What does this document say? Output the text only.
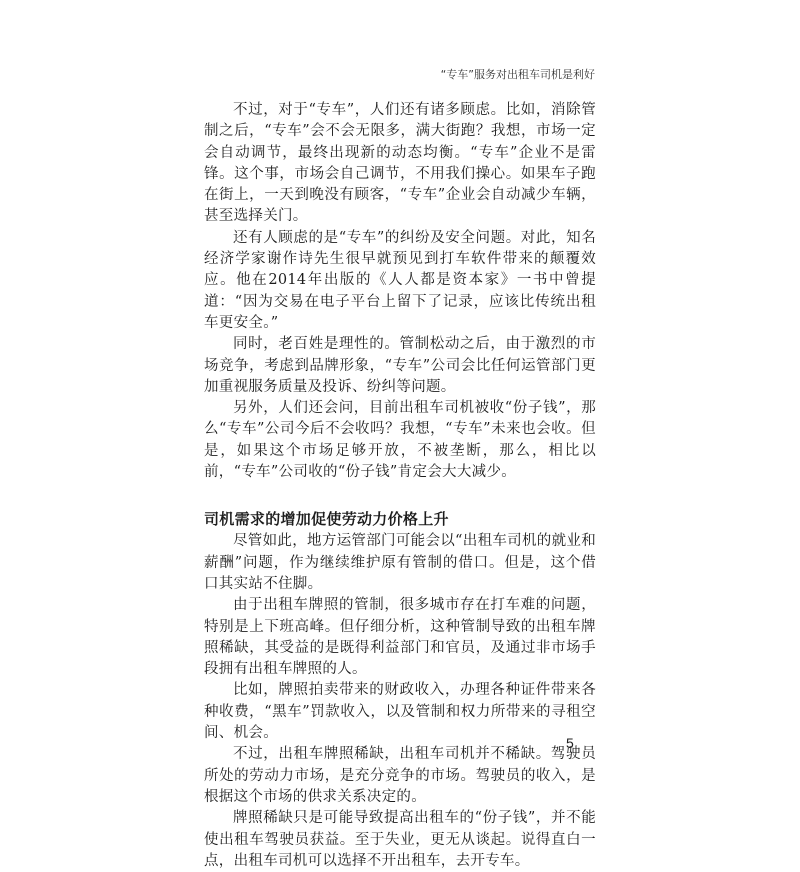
“专车”服务对出租车司机是利好

不过，对于“专车”，人们还有诸多顾虑。比如，消除管制之后，“专车”会不会无限多，满大街跑？我想，市场一定会自动调节，最终出现新的动态均衡。“专车”企业不是雷锋。这个事，市场会自己调节，不用我们操心。如果车子跑在街上，一天到晚没有顾客，“专车”企业会自动减少车辆，甚至选择关门。

还有人顾虑的是“专车”的纠纷及安全问题。对此，知名经济学家谢作诗先生很早就预见到打车软件带来的颠覆效应。他在2014年出版的《人人都是资本家》一书中曾提道：“因为交易在电子平台上留下了记录，应该比传统出租车更安全。”

同时，老百姓是理性的。管制松动之后，由于激烈的市场竞争，考虑到品牌形象，“专车”公司会比任何运管部门更加重视服务质量及投诉、纷纠等问题。

另外，人们还会问，目前出租车司机被收“份子钱”，那么“专车”公司今后不会收吗？我想，“专车”未来也会收。但是，如果这个市场足够开放，不被垄断，那么，相比以前，“专车”公司收的“份子钱”肯定会大大减少。

司机需求的增加促使劳动力价格上升

尽管如此，地方运管部门可能会以“出租车司机的就业和薪酬”问题，作为继续维护原有管制的借口。但是，这个借口其实站不住脚。

由于出租车牌照的管制，很多城市存在打车难的问题，特别是上下班高峰。但仔细分析，这种管制导致的出租车牌照稀缺，其受益的是既得利益部门和官员，及通过非市场手段拥有出租车牌照的人。

比如，牌照拍卖带来的财政收入，办理各种证件带来各种收费，“黑车”罚款收入，以及管制和权力所带来的寻租空间、机会。

不过，出租车牌照稀缺，出租车司机并不稀缺。驾驶员所处的劳动力市场，是充分竞争的市场。驾驶员的收入，是根据这个市场的供求关系决定的。

牌照稀缺只是可能导致提高出租车的“份子钱”，并不能使出租车驾驶员获益。至于失业，更无从谈起。说得直白一点，出租车司机可以选择不开出租车，去开专车。

5
